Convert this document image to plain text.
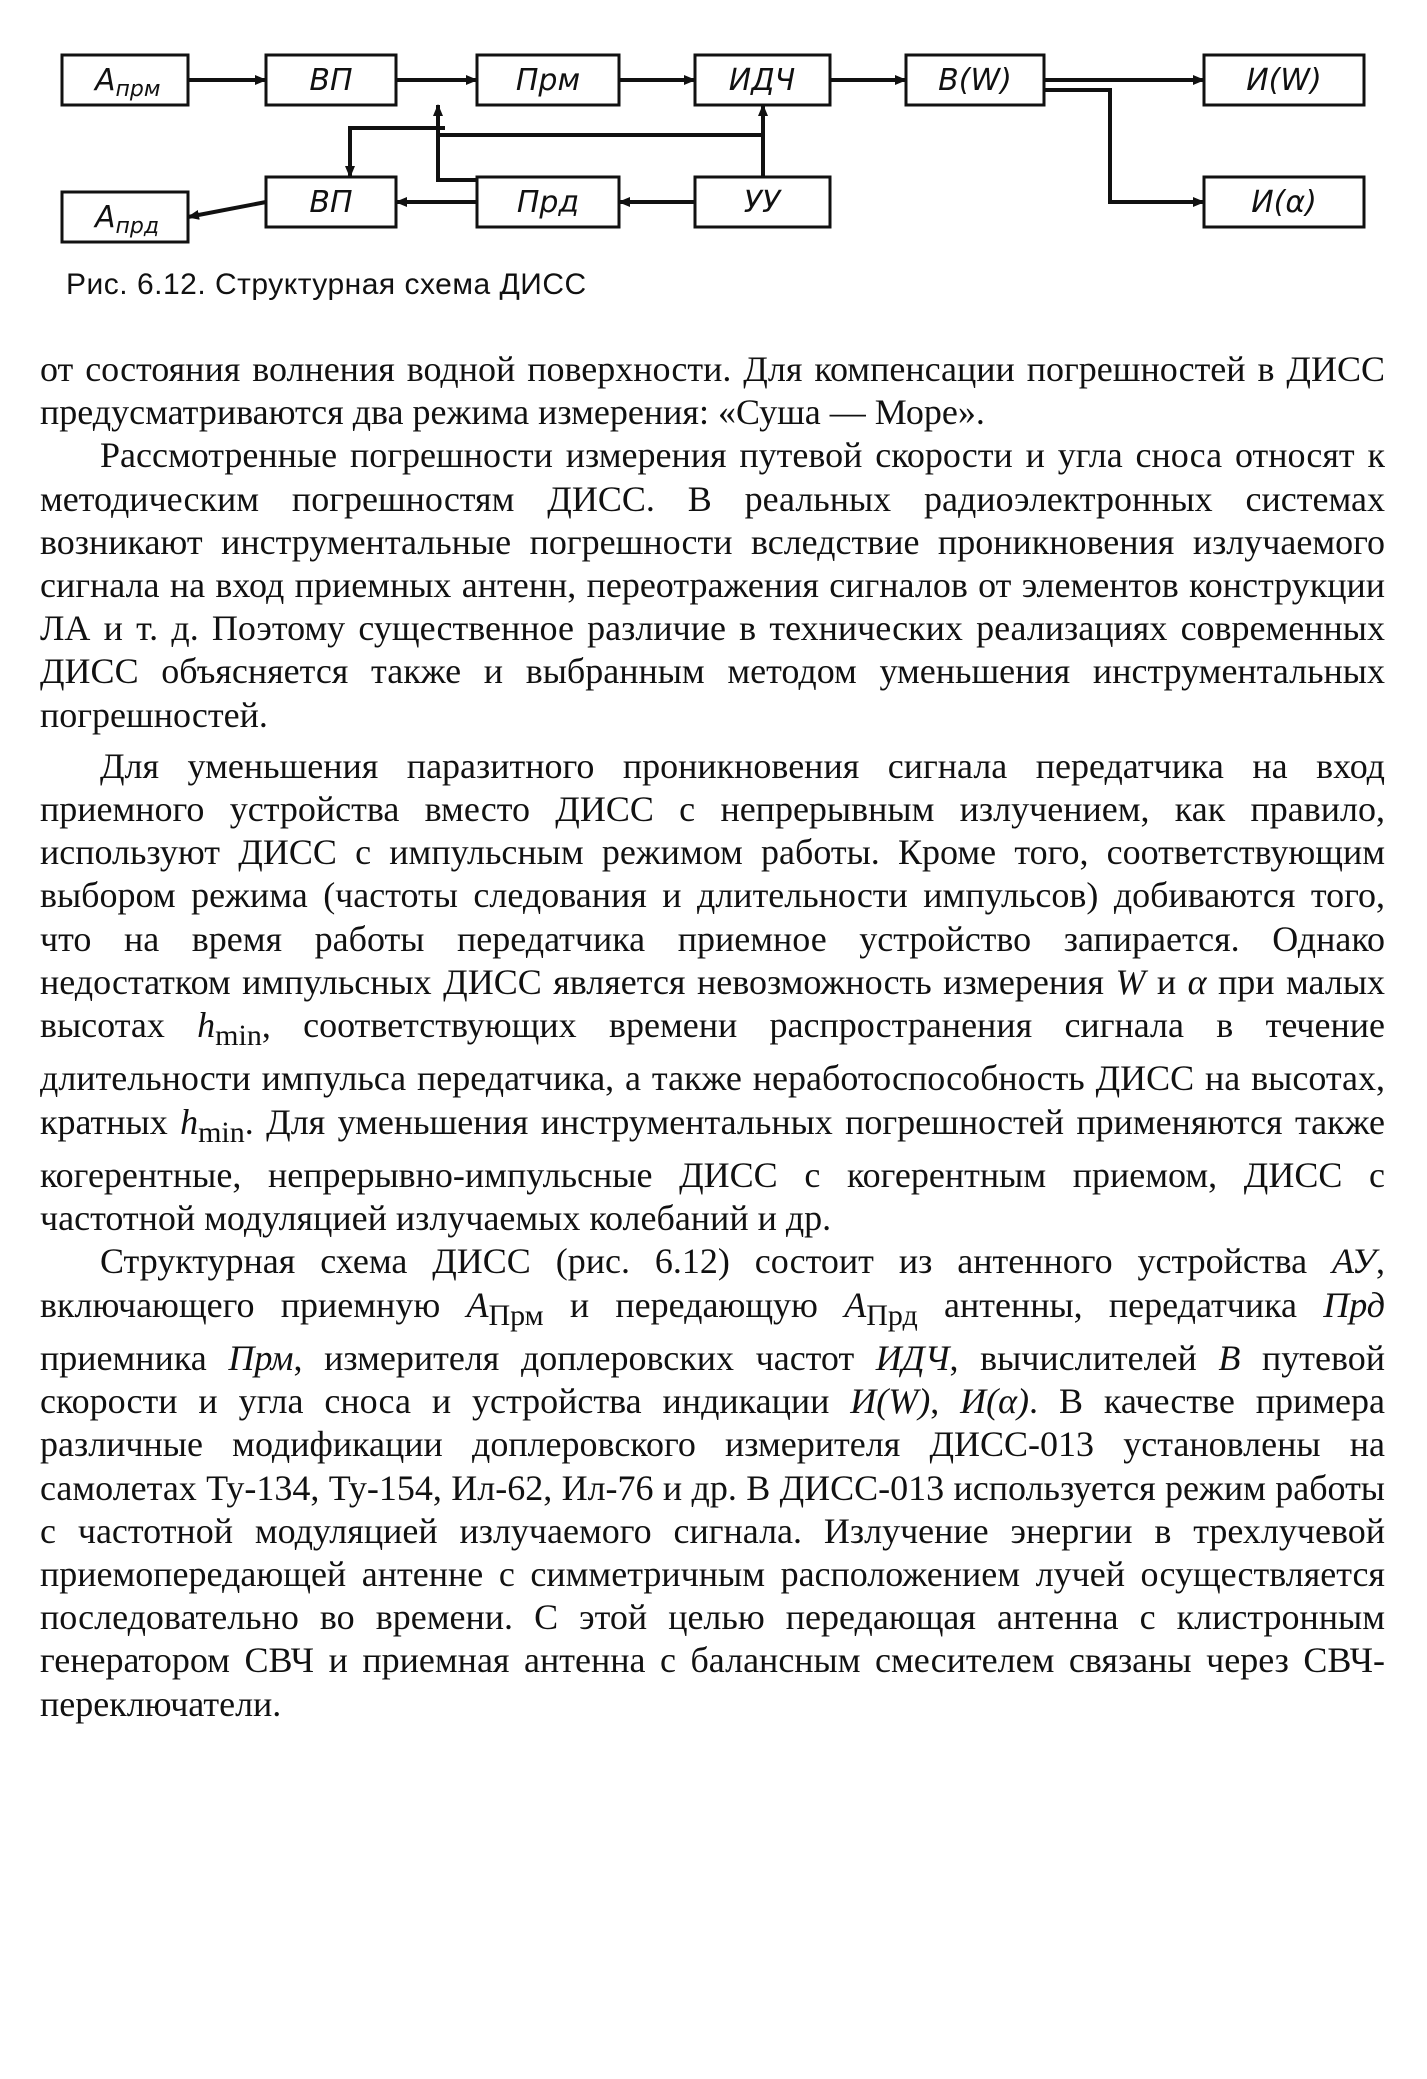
$A_{прм}$	ВП	Прм	ИДЧ	B(W)	И(W)
$A_{прд}$
ВП	Прд	УУ	И(α)
Рис. 6.12. Структурная схема ДИСС

от состояния волнения водной поверхности. Для компенсации погрешностей в ДИСС предусматриваются два режима измерения: «Суша — Море».

Рассмотренные погрешности измерения путевой скорости и угла сноса относят к методическим погрешностям ДИСС. В реальных радиоэлектронных системах возникают инструментальные погрешности вследствие проникновения излучаемого сигнала на вход приемных антенн, переотражения сигналов от элементов конструкции ЛА и т. д. Поэтому существенное различие в технических реализациях современных ДИСС объясняется также и выбранным методом уменьшения инструментальных погрешностей.

Для уменьшения паразитного проникновения сигнала передатчика на вход приемного устройства вместо ДИСС с непрерывным излучением, как правило, используют ДИСС с импульсным режимом работы. Кроме того, соответствующим выбором режима (частоты следования и длительности импульсов) добиваются того, что на время работы передатчика приемное устройство запирается. Однако недостатком импульсных ДИСС является невозможность измерения W и α при малых высотах $h_{min}$, соответствующих времени распространения сигнала в течение длительности импульса передатчика, а также неработоспособность ДИСС на высотах, кратных $h_{min}$. Для уменьшения инструментальных погрешностей применяются также когерентные, непрерывно-импульсные ДИСС с когерентным приемом, ДИСС с частотной модуляцией излучаемых колебаний и др.

Структурная схема ДИСС (рис. 6.12) состоит из антенного устройства АУ, включающего приемную $A_{Прм}$ и передающую $A_{Прд}$ антенны, передатчика Прд приемника Прм, измерителя доплеровских частот ИДЧ, вычислителей В путевой скорости и угла сноса и устройства индикации И(W), И(α). В качестве примера различные модификации доплеровского измерителя ДИСС-013 установлены на самолетах Ту-134, Ту-154, Ил-62, Ил-76 и др. В ДИСС-013 используется режим работы с частотной модуляцией излучаемого сигнала. Излучение энергии в трехлучевой приемопередающей антенне с симметричным расположением лучей осуществляется последовательно во времени. С этой целью передающая антенна с клистронным генератором СВЧ и приемная антенна с балансным смесителем связаны через СВЧ-переключатели.
